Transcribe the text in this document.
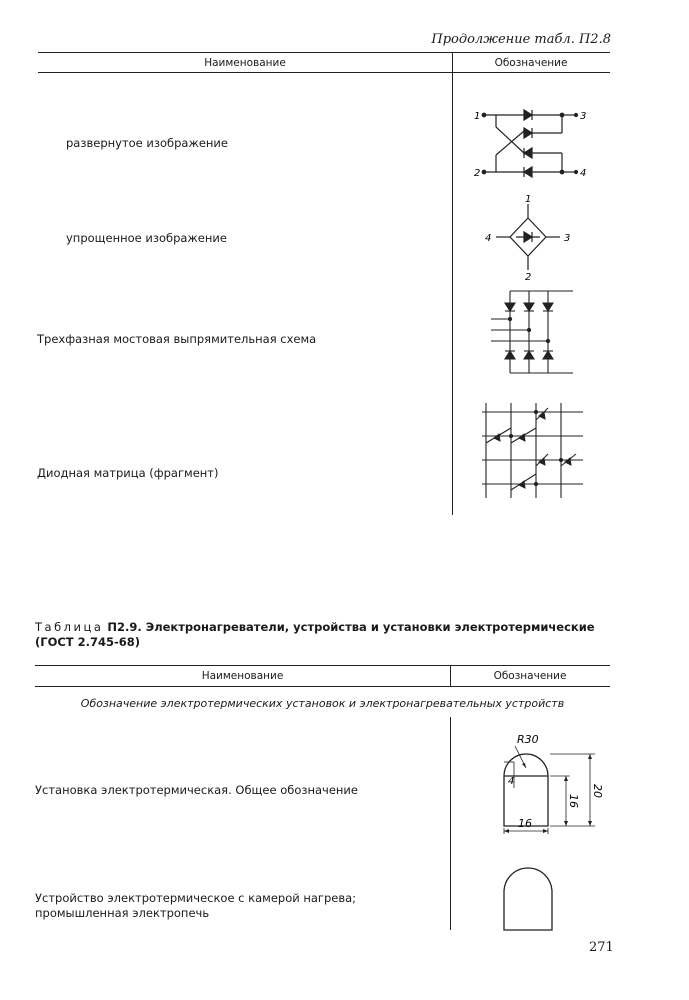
Продолжение табл. П2.8
Наименование	Обозначение
развернутое изображение
упрощенное изображение
Трехфазная мостовая выпрямительная схема
Диодная матрица (фрагмент)
1
2
3
4
1
2
3
4
Таблица П2.9. Электронагреватели, устройства и установки электротермические
(ГОСТ 2.745-68)
Наименование	Обозначение
Обозначение электротермических установок и электронагревательных устройств
Установка электротермическая. Общее обозначение
Устройство электротермическое с камерой нагрева; промышленная электропечь
R30
4
16
20
16
271
